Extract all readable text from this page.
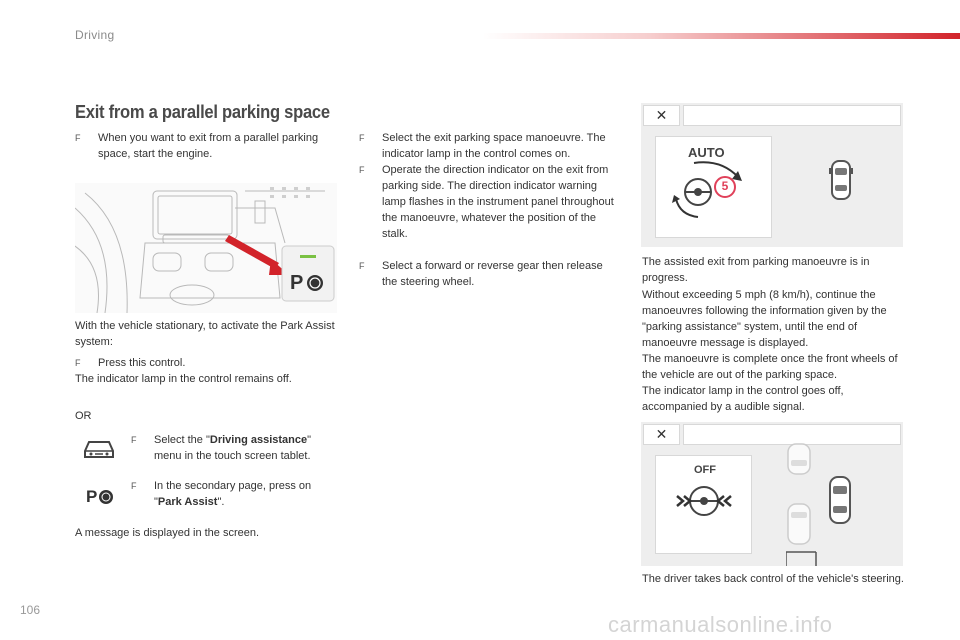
Driving
Exit from a parallel parking space
F	When you want to exit from a parallel parking space, start the engine.
P
With the vehicle stationary, to activate the Park Assist system:
F	Press this control.
The indicator lamp in the control remains off.
OR
F	Select the "Driving assistance" menu in the touch screen tablet.
P
F	In the secondary page, press on "Park Assist".
A message is displayed in the screen.
F	Select the exit parking space manoeuvre. The indicator lamp in the control comes on.
F	Operate the direction indicator on the exit from parking side. The direction indicator warning lamp flashes in the instrument panel throughout the manoeuvre, whatever the position of the stalk.
F	Select a forward or reverse gear then release the steering wheel.
✕
AUTO
5
The assisted exit from parking manoeuvre is in progress.
Without exceeding 5 mph (8 km/h), continue the manoeuvres following the information given by the "parking assistance" system, until the end of manoeuvre message is displayed.
The manoeuvre is complete once the front wheels of the vehicle are out of the parking space.
The indicator lamp in the control goes off, accompanied by a audible signal.
✕
OFF
The driver takes back control of the vehicle's steering.
106
carmanualsonline.info
